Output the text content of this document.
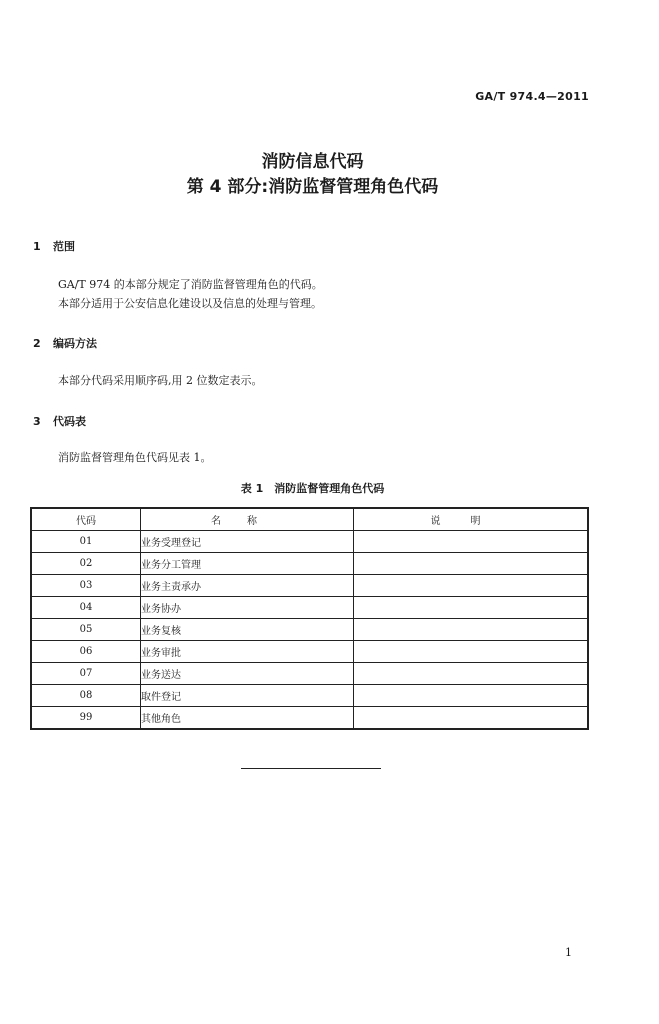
GA/T 974.4—2011

消防信息代码

第 4 部分:消防监督管理角色代码

1 范围

GA/T 974 的本部分规定了消防监督管理角色的代码。

本部分适用于公安信息化建设以及信息的处理与管理。

2 编码方法

本部分代码采用顺序码,用 2 位数定表示。

3 代码表

消防监督管理角色代码见表 1。

表 1　消防监督管理角色代码
代码	名称	说明
01	业务受理登记	
02	业务分工管理	
03	业务主责承办	
04	业务协办	
05	业务复核	
06	业务审批	
07	业务送达	
08	取件登记	
99	其他角色	
1
